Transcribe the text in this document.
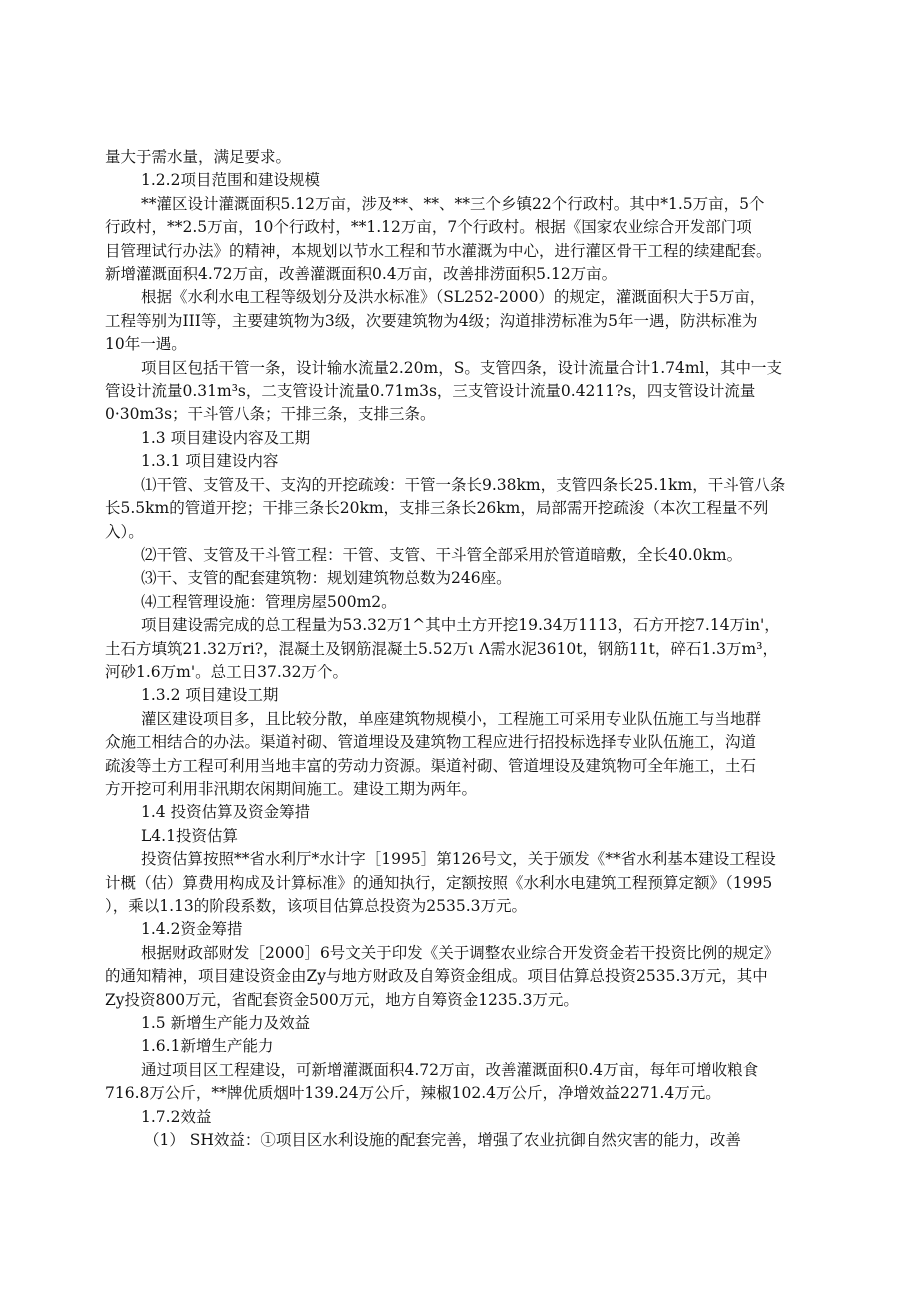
量大于需水量，满足要求。
1.2.2项目范围和建设规模
**灌区设计灌溉面积5.12万亩，涉及**、**、**三个乡镇22个行政村。其中*1.5万亩，5个
行政村，**2.5万亩，10个行政村，**1.12万亩，7个行政村。根据《国家农业综合开发部门项
目管理试行办法》的精神，本规划以节水工程和节水灌溉为中心，进行灌区骨干工程的续建配套。
新增灌溉面积4.72万亩，改善灌溉面积0.4万亩，改善排涝面积5.12万亩。
根据《水利水电工程等级划分及洪水标准》（SL252-2000）的规定，灌溉面积大于5万亩，
工程等别为III等，主要建筑物为3级，次要建筑物为4级；沟道排涝标准为5年一遇，防洪标准为
10年一遇。
项目区包括干管一条，设计输水流量2.20m，S。支管四条，设计流量合计1.74ml，其中一支
管设计流量0.31m³s，二支管设计流量0.71m3s，三支管设计流量0.4211?s，四支管设计流量
0·30m3s；干斗管八条；干排三条，支排三条。
1.3 项目建设内容及工期
1.3.1 项目建设内容
⑴干管、支管及干、支沟的开挖疏竣：干管一条长9.38km，支管四条长25.1km，干斗管八条
长5.5km的管道开挖；干排三条长20km，支排三条长26km，局部需开挖疏浚（本次工程量不列
入）。
⑵干管、支管及干斗管工程：干管、支管、干斗管全部采用於管道暗敷，全长40.0km。
⑶干、支管的配套建筑物：规划建筑物总数为246座。
⑷工程管理设施：管理房屋500m2。
项目建设需完成的总工程量为53.32万1^其中土方开挖19.34万1113，石方开挖7.14万in'，
土石方填筑21.32万ri?，混凝土及钢筋混凝土5.52万ι Λ需水泥3610t，钢筋11t，碎石1.3万m³，
河砂1.6万m'。总工日37.32万个。
1.3.2 项目建设工期
灌区建设项目多，且比较分散，单座建筑物规模小，工程施工可采用专业队伍施工与当地群
众施工相结合的办法。渠道衬砌、管道埋设及建筑物工程应进行招投标选择专业队伍施工，沟道
疏浚等土方工程可利用当地丰富的劳动力资源。渠道衬砌、管道埋设及建筑物可全年施工，土石
方开挖可利用非汛期农闲期间施工。建设工期为两年。
1.4 投资估算及资金筹措
L4.1投资估算
投资估算按照**省水利厅*水计字［1995］第126号文，关于颁发《**省水利基本建设工程设
计概（估）算费用构成及计算标准》的通知执行，定额按照《水利水电建筑工程预算定额》（1995
），乘以1.13的阶段系数，该项目估算总投资为2535.3万元。
1.4.2资金筹措
根据财政部财发［2000］6号文关于印发《关于调整农业综合开发资金若干投资比例的规定》
的通知精神，项目建设资金由Zy与地方财政及自筹资金组成。项目估算总投资2535.3万元，其中
Zy投资800万元，省配套资金500万元，地方自筹资金1235.3万元。
1.5 新增生产能力及效益
1.6.1新增生产能力
通过项目区工程建设，可新增灌溉面积4.72万亩，改善灌溉面积0.4万亩，每年可增收粮食
716.8万公斤，**牌优质烟叶139.24万公斤，辣椒102.4万公斤，净增效益2271.4万元。
1.7.2效益
（1） SH效益：①项目区水利设施的配套完善，增强了农业抗御自然灾害的能力，改善
